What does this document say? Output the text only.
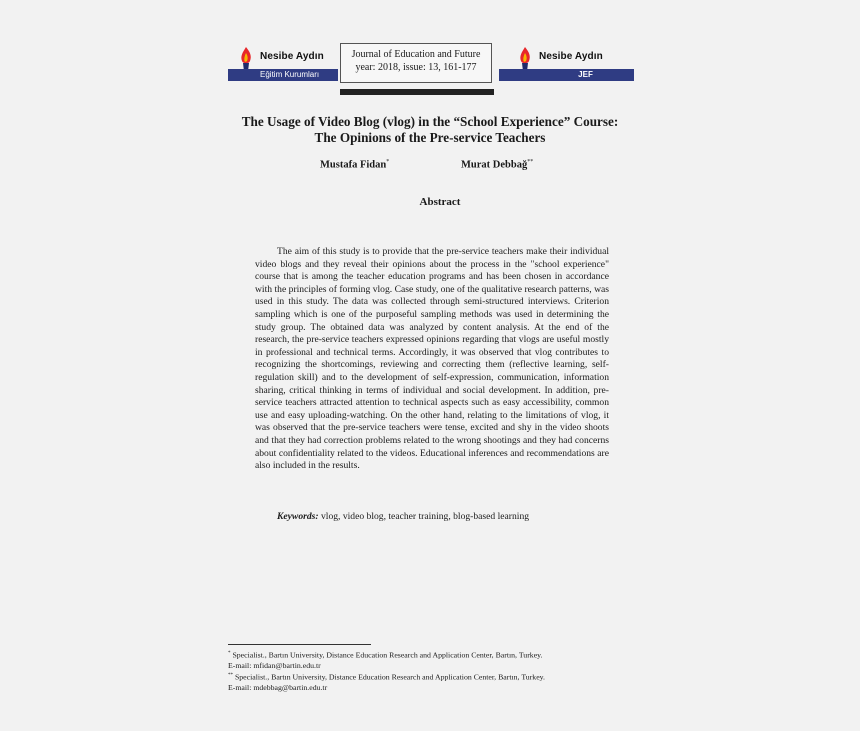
Nesibe Aydın
Eğitim Kurumları
Journal of Education and Future
year: 2018, issue: 13, 161-177
Nesibe Aydın
JEF
The Usage of Video Blog (vlog) in the “School Experience” Course:
The Opinions of the Pre-service Teachers
Mustafa Fidan*	Murat Debbağ**
Abstract
The aim of this study is to provide that the pre-service teachers make their individual video blogs and they reveal their opinions about the process in the "school experience" course that is among the teacher education programs and has been chosen in accordance with the principles of forming vlog. Case study, one of the qualitative research patterns, was used in this study. The data was collected through semi-structured interviews. Criterion sampling which is one of the purposeful sampling methods was used in determining the study group. The obtained data was analyzed by content analysis. At the end of the research, the pre-service teachers expressed opinions regarding that vlogs are useful mostly in professional and technical terms. Accordingly, it was observed that vlog contributes to recognizing the shortcomings, reviewing and correcting them (reflective learning, self-regulation skill) and to the development of self-expression, communication, information sharing, critical thinking in terms of individual and social development. In addition, pre-service teachers attracted attention to technical aspects such as easy accessibility, common use and easy uploading-watching. On the other hand, relating to the limitations of vlog, it was observed that the pre-service teachers were tense, excited and shy in the video shoots and that they had correction problems related to the wrong shootings and they had concerns about confidentiality related to the videos. Educational inferences and recommendations are also included in the results.
Keywords: vlog, video blog, teacher training, blog-based learning
* Specialist., Bartın University, Distance Education Research and Application Center, Bartın, Turkey.
E-mail: mfidan@bartin.edu.tr
** Specialist., Bartın University, Distance Education Research and Application Center, Bartın, Turkey.
E-mail: mdebbag@bartin.edu.tr
